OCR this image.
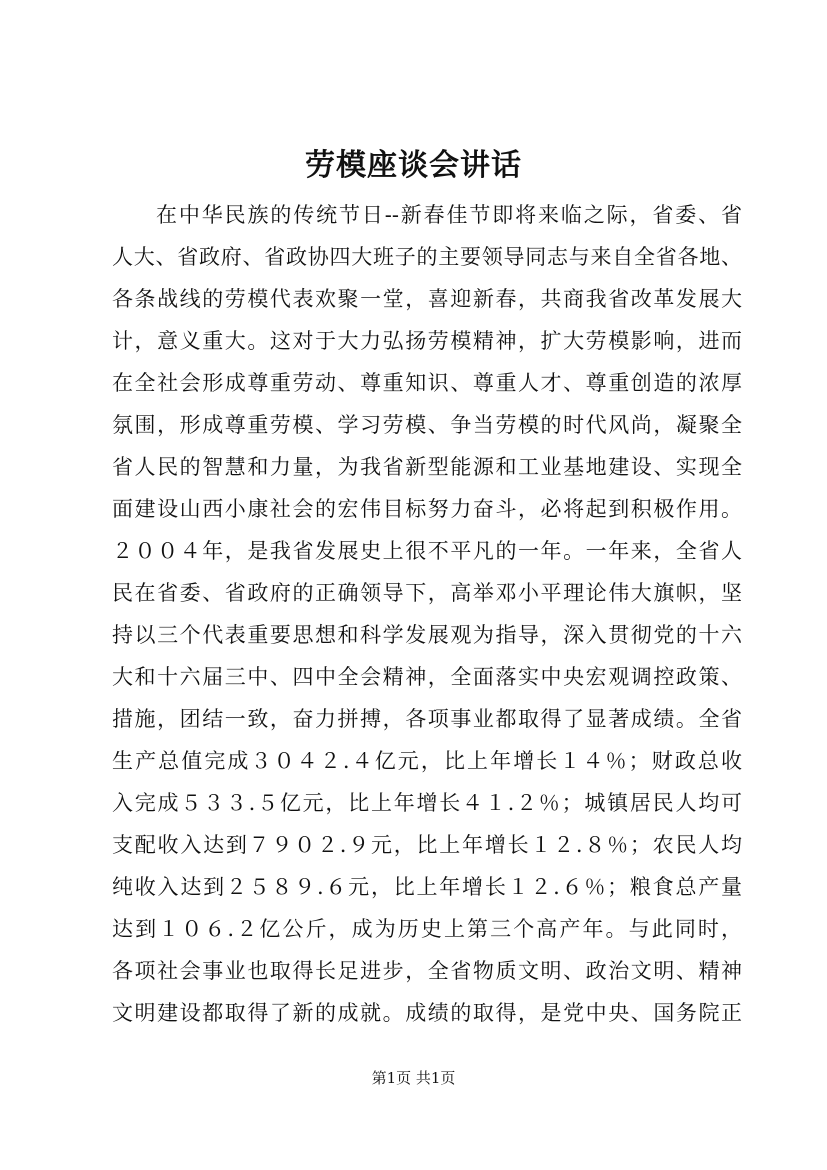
劳模座谈会讲话
在中华民族的传统节日--新春佳节即将来临之际，省委、省
人大、省政府、省政协四大班子的主要领导同志与来自全省各地、
各条战线的劳模代表欢聚一堂，喜迎新春，共商我省改革发展大
计，意义重大。这对于大力弘扬劳模精神，扩大劳模影响，进而
在全社会形成尊重劳动、尊重知识、尊重人才、尊重创造的浓厚
氛围，形成尊重劳模、学习劳模、争当劳模的时代风尚，凝聚全
省人民的智慧和力量，为我省新型能源和工业基地建设、实现全
面建设山西小康社会的宏伟目标努力奋斗，必将起到积极作用。
２００４年，是我省发展史上很不平凡的一年。一年来，全省人
民在省委、省政府的正确领导下，高举邓小平理论伟大旗帜，坚
持以三个代表重要思想和科学发展观为指导，深入贯彻党的十六
大和十六届三中、四中全会精神，全面落实中央宏观调控政策、
措施，团结一致，奋力拼搏，各项事业都取得了显著成绩。全省
生产总值完成３０４２.４亿元，比上年增长１４％；财政总收
入完成５３３.５亿元，比上年增长４１.２％；城镇居民人均可
支配收入达到７９０２.９元，比上年增长１２.８％；农民人均
纯收入达到２５８９.６元，比上年增长１２.６％；粮食总产量
达到１０６.２亿公斤，成为历史上第三个高产年。与此同时，
各项社会事业也取得长足进步，全省物质文明、政治文明、精神
文明建设都取得了新的成就。成绩的取得，是党中央、国务院正
第1页 共1页
